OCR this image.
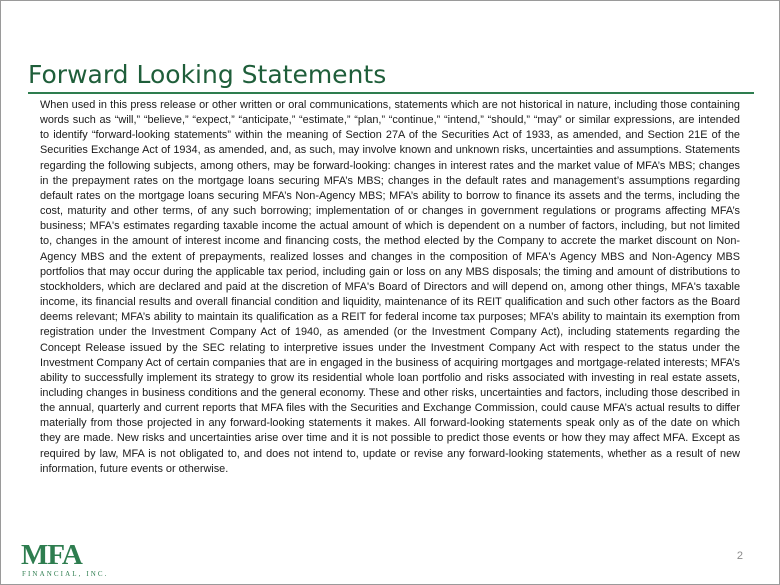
Forward Looking Statements

When used in this press release or other written or oral communications, statements which are not historical in nature, including those containing words such as “will,” “believe,” “expect,” “anticipate,” “estimate,” “plan,” “continue,” “intend,” “should,” “may” or similar expressions, are intended to identify “forward-looking statements” within the meaning of Section 27A of the Securities Act of 1933, as amended, and Section 21E of the Securities Exchange Act of 1934, as amended, and, as such, may involve known and unknown risks, uncertainties and assumptions. Statements regarding the following subjects, among others, may be forward-looking: changes in interest rates and the market value of MFA’s MBS; changes in the prepayment rates on the mortgage loans securing MFA’s MBS; changes in the default rates and management’s assumptions regarding default rates on the mortgage loans securing MFA’s Non-Agency MBS; MFA’s ability to borrow to finance its assets and the terms, including the cost, maturity and other terms, of any such borrowing; implementation of or changes in government regulations or programs affecting MFA’s business; MFA's estimates regarding taxable income the actual amount of which is dependent on a number of factors, including, but not limited to, changes in the amount of interest income and financing costs, the method elected by the Company to accrete the market discount on Non-Agency MBS and the extent of prepayments, realized losses and changes in the composition of MFA's Agency MBS and Non-Agency MBS portfolios that may occur during the applicable tax period, including gain or loss on any MBS disposals; the timing and amount of distributions to stockholders, which are declared and paid at the discretion of MFA's Board of Directors and will depend on, among other things, MFA's taxable income, its financial results and overall financial condition and liquidity, maintenance of its REIT qualification and such other factors as the Board deems relevant; MFA’s ability to maintain its qualification as a REIT for federal income tax purposes; MFA’s ability to maintain its exemption from registration under the Investment Company Act of 1940, as amended (or the Investment Company Act), including statements regarding the Concept Release issued by the SEC relating to interpretive issues under the Investment Company Act with respect to the status under the Investment Company Act of certain companies that are in engaged in the business of acquiring mortgages and mortgage-related interests; MFA’s ability to successfully implement its strategy to grow its residential whole loan portfolio and risks associated with investing in real estate assets, including changes in business conditions and the general economy. These and other risks, uncertainties and factors, including those described in the annual, quarterly and current reports that MFA files with the Securities and Exchange Commission, could cause MFA’s actual results to differ materially from those projected in any forward-looking statements it makes. All forward-looking statements speak only as of the date on which they are made. New risks and uncertainties arise over time and it is not possible to predict those events or how they may affect MFA. Except as required by law, MFA is not obligated to, and does not intend to, update or revise any forward-looking statements, whether as a result of new information, future events or otherwise.

MFA
FINANCIAL, INC.
2
